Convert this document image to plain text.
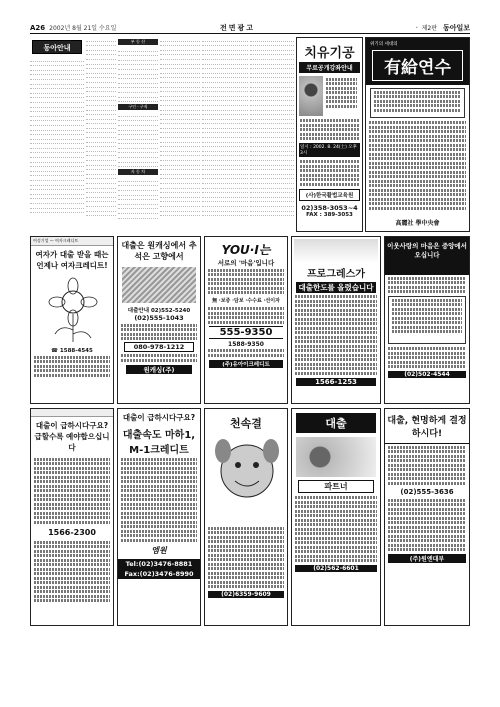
A26 2002년 8월 21일 수요일	전면광고	ㆍ 제2판 동아일보
동아안내
부 동 산
구인ㆍ구직
자 동 차
치유기공
무료공개강좌안내
일시 : 2002. 8. 24(土) 오후 3시
(사)한국활법교육원
02)358-3053~4
FAX : 389-3053
위기의 세대의
有給연수
高麗社 學中央會
여성기업 — 여자크레디트
여자가 대출 받을 때는 언제나 여자크레디트!
☎ 1588-4545
대출은 원캐싱에서 추석은 고향에서
대출안내 02)552-5240
(02)555-1043
080-978-1212
원캐싱(주)
YOU·I는
서로의 '마음'입니다
無 ·보증 ·담보 ·수수료 ·선이자
555-9350
1588-9350
(주)유아이크레디트
프로그레스가
대출한도를 올렸습니다
1566-1253
이웃사랑의 마음은 중앙에서 오십니다
(02)502-4544

대출이 급하시다구요? 급할수록 예야합으십니다
1566-2300
대출이 급하시다구요?
대출속도 마하1, M-1크레디트
엠원
Tel:(02)3476-8881
Fax:(02)3476-8990
천속결
(02)6359-9609
대출
파트너
(02)562-6601
대출, 현명하게 결정하시다!
(02)555-3636
(주)원엔대부
